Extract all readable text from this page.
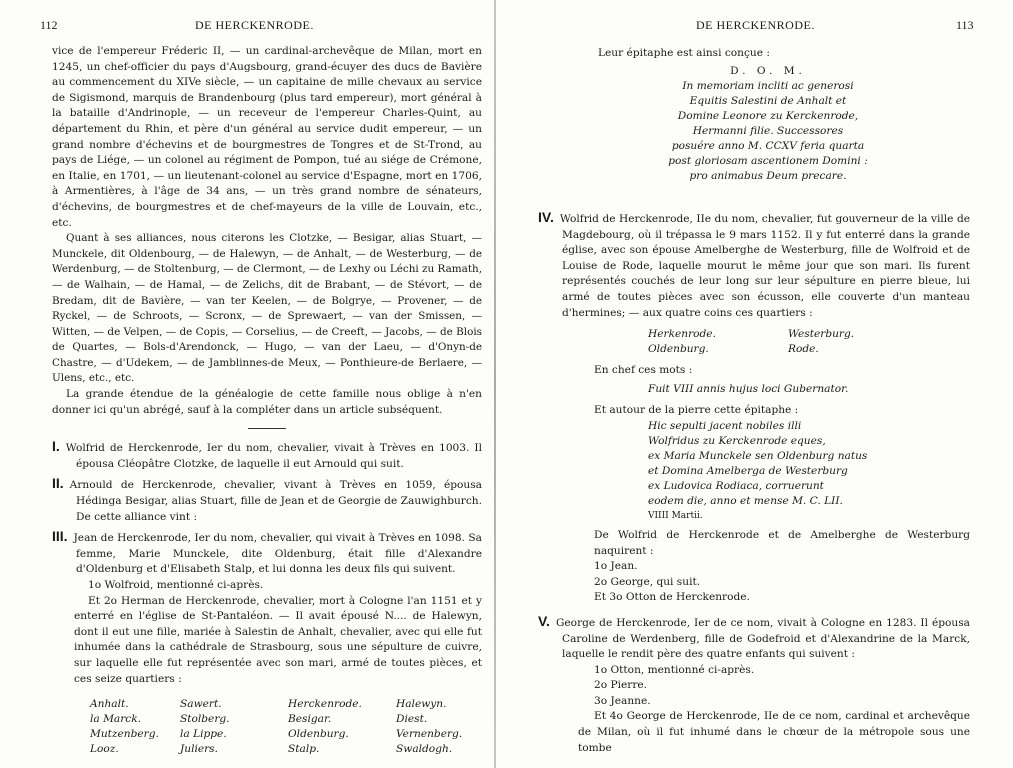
112	DE HERCKENRODE.

vice de l'empereur Fréderic II, — un cardinal-archevêque de Milan, mort en 1245, un chef-officier du pays d'Augsbourg, grand-écuyer des ducs de Bavière au commencement du XIVe siècle, — un capitaine de mille chevaux au service de Sigismond, marquis de Brandenbourg (plus tard empereur), mort général à la bataille d'Andrinople, — un receveur de l'empereur Charles-Quint, au département du Rhin, et père d'un général au service dudit empereur, — un grand nombre d'échevins et de bourgmestres de Tongres et de St-Trond, au pays de Liége, — un colonel au régiment de Pompon, tué au siége de Crémone, en Italie, en 1701, — un lieutenant-colonel au service d'Espagne, mort en 1706, à Armentières, à l'âge de 34 ans, — un très grand nombre de sénateurs, d'échevins, de bourgmestres et de chef-mayeurs de la ville de Louvain, etc., etc.

Quant à ses alliances, nous citerons les Clotzke, — Besigar, alias Stuart, — Munckele, dit Oldenbourg, — de Halewyn, — de Anhalt, — de Westerburg, — de Werdenburg, — de Stoltenburg, — de Clermont, — de Lexhy ou Léchi zu Ramath, — de Walhain, — de Hamal, — de Zelichs, dit de Brabant, — de Stévort, — de Bredam, dit de Bavière, — van ter Keelen, — de Bolgrye, — Provener, — de Ryckel, — de Schroots, — Scronx, — de Sprewaert, — van der Smissen, — Witten, — de Velpen, — de Copis, — Corselius, — de Creeft, — Jacobs, — de Blois de Quartes, — Bols-d'Arendonck, — Hugo, — van der Laeu, — d'Onyn-de Chastre, — d'Udekem, — de Jamblinnes-de Meux, — Ponthieure-de Berlaere, — Ulens, etc., etc.

La grande étendue de la généalogie de cette famille nous oblige à n'en donner ici qu'un abrégé, sauf à la compléter dans un article subséquent.

I. Wolfrid de Herckenrode, Ier du nom, chevalier, vivait à Trèves en 1003. Il épousa Cléopâtre Clotzke, de laquelle il eut Arnould qui suit.

II. Arnould de Herckenrode, chevalier, vivant à Trèves en 1059, épousa Hédinga Besigar, alias Stuart, fille de Jean et de Georgie de Zauwighburch. De cette alliance vint :

III. Jean de Herckenrode, Ier du nom, chevalier, qui vivait à Trèves en 1098. Sa femme, Marie Munckele, dite Oldenburg, était fille d'Alexandre d'Oldenburg et d'Elisabeth Stalp, et lui donna les deux fils qui suivent.

1o Wolfroid, mentionné ci-après.

Et 2o Herman de Herckenrode, chevalier, mort à Cologne l'an 1151 et y enterré en l'église de St-Pantaléon. — Il avait épousé N.... de Halewyn, dont il eut une fille, mariée à Salestin de Anhalt, chevalier, avec qui elle fut inhumée dans la cathédrale de Strasbourg, sous une sépulture de cuivre, sur laquelle elle fut représentée avec son mari, armé de toutes pièces, et ces seize quartiers :

Anhalt.	Sawert.	Herckenrode.	Halewyn.
la Marck.	Stolberg.	Besigar.	Diest.
Mutzenberg.	la Lippe.	Oldenburg.	Vernenberg.
Looz.	Juliers.	Stalp.	Swaldogh.
DE HERCKENRODE.	113

Leur épitaphe est ainsi conçue :

D. O. M.
In memoriam incliti ac generosi
Equitis Salestini de Anhalt et
Domine Leonore zu Kerckenrode,
Hermanni filie. Successores
posuére anno M. CCXV feria quarta
post gloriosam ascentionem Domini :
pro animabus Deum precare.

IV. Wolfrid de Herckenrode, IIe du nom, chevalier, fut gouverneur de la ville de Magdebourg, où il trépassa le 9 mars 1152. Il y fut enterré dans la grande église, avec son épouse Amelberghe de Westerburg, fille de Wolfroid et de Louise de Rode, laquelle mourut le même jour que son mari. Ils furent représentés couchés de leur long sur leur sépulture en pierre bleue, lui armé de toutes pièces avec son écusson, elle couverte d'un manteau d'hermines; — aux quatre coins ces quartiers :

Herkenrode.	Westerburg.
Oldenburg.	Rode.

En chef ces mots :

Fuit VIII annis hujus loci Gubernator.

Et autour de la pierre cette épitaphe :

Hic sepulti jacent nobiles illi
Wolfridus zu Kerckenrode eques,
ex Maria Munckele sen Oldenburg natus
et Domina Amelberga de Westerburg
ex Ludovica Rodiaca, corruerunt
eodem die, anno et mense M. C. LII.
VIIII Martii.

De Wolfrid de Herckenrode et de Amelberghe de Westerburg naquirent :

1o Jean.

2o George, qui suit.

Et 3o Otton de Herckenrode.

V. George de Herckenrode, Ier de ce nom, vivait à Cologne en 1283. Il épousa Caroline de Werdenberg, fille de Godefroid et d'Alexandrine de la Marck, laquelle le rendit père des quatre enfants qui suivent :

1o Otton, mentionné ci-après.

2o Pierre.

3o Jeanne.

Et 4o George de Herckenrode, IIe de ce nom, cardinal et archevêque de Milan, où il fut inhumé dans le chœur de la métropole sous une tombe
